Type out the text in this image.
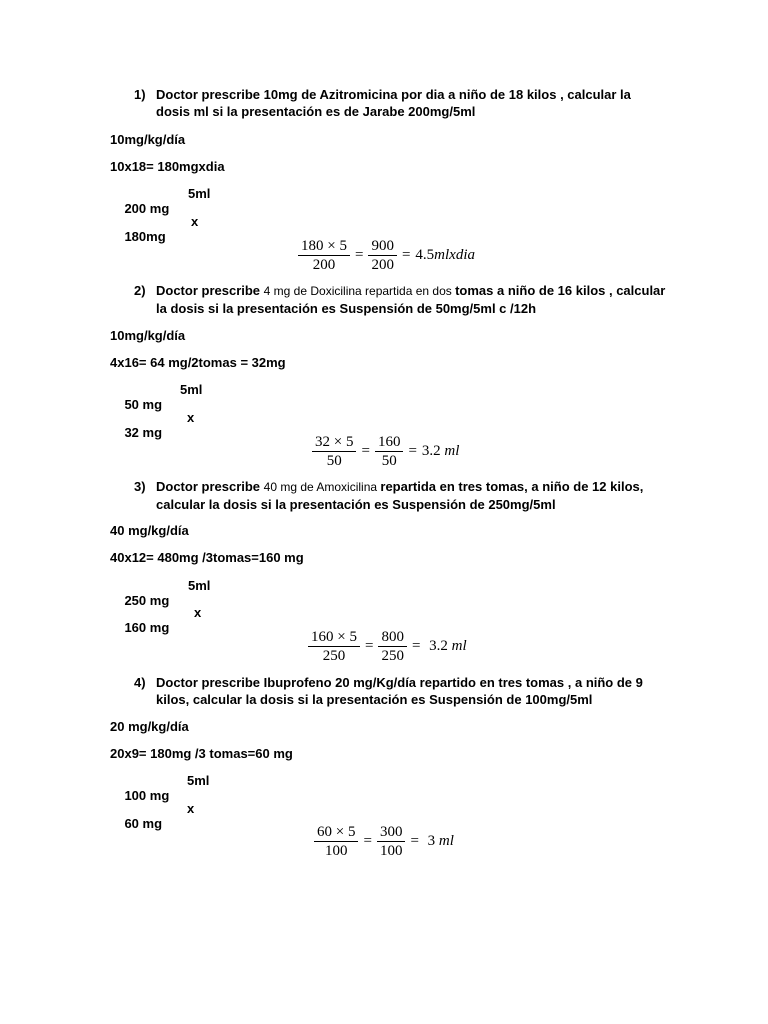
1) Doctor prescribe 10mg de Azitromicina por dia a niño de 18 kilos , calcular la dosis ml si la presentación es de Jarabe 200mg/5ml
10mg/kg/día
10x18= 180mgxdia

200 mg

5ml

180mg

x

$\frac{180 \times 5}{200} = \frac{900}{200}$ = 4.5mlxdia
2) Doctor prescribe 4 mg de Doxicilina repartida en dos tomas a niño de 16 kilos , calcular la dosis si la presentación es Suspensión de 50mg/5ml c /12h
10mg/kg/día
4x16= 64 mg/2tomas = 32mg

50 mg

5ml

32 mg

x

$\frac{32 \times 5}{50} = \frac{160}{50} = 3.2$ ml
3) Doctor prescribe 40 mg de Amoxicilina repartida en tres tomas, a niño de 12 kilos, calcular la dosis si la presentación es Suspensión de 250mg/5ml
40 mg/kg/día
40x12= 480mg /3tomas=160 mg

250 mg

5ml

160 mg

x

$\frac{160 \times 5}{250} = \frac{800}{250} = 3.2$ ml
4) Doctor prescribe Ibuprofeno 20 mg/Kg/día repartido en tres tomas , a niño de 9 kilos, calcular la dosis si la presentación es Suspensión de 100mg/5ml
20 mg/kg/día
20x9= 180mg /3 tomas=60 mg

100 mg

5ml

60 mg

x

$\frac{60 \times 5}{100} = \frac{300}{100} = 3$ ml
